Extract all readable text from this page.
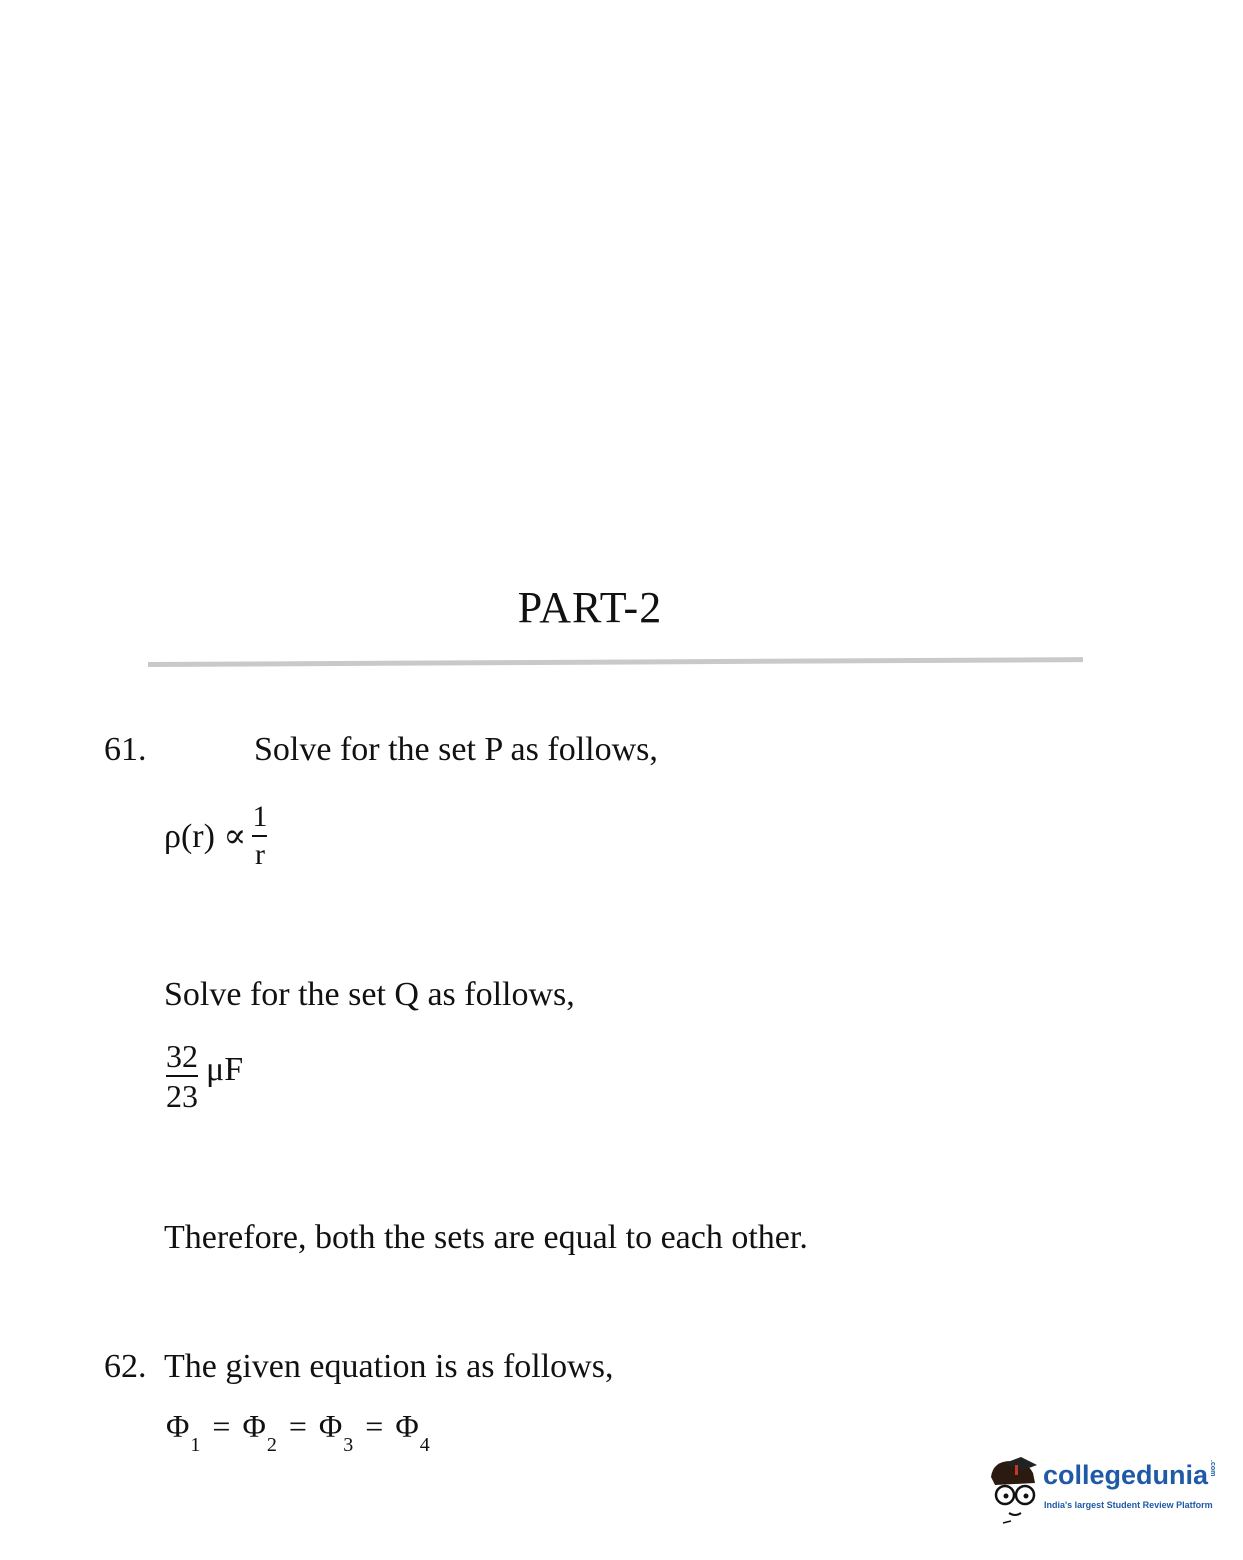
PART-2
61.	Solve for the set P as follows,
$\rho(r) \propto \frac{1}{r}$
Solve for the set Q as follows,
$\frac{32}{23}$ μF
Therefore, both the sets are equal to each other.
62. The given equation is as follows,
$\Phi_1 = \Phi_2 = \Phi_3 = \Phi_4$
collegedunia.com
India's largest Student Review Platform
